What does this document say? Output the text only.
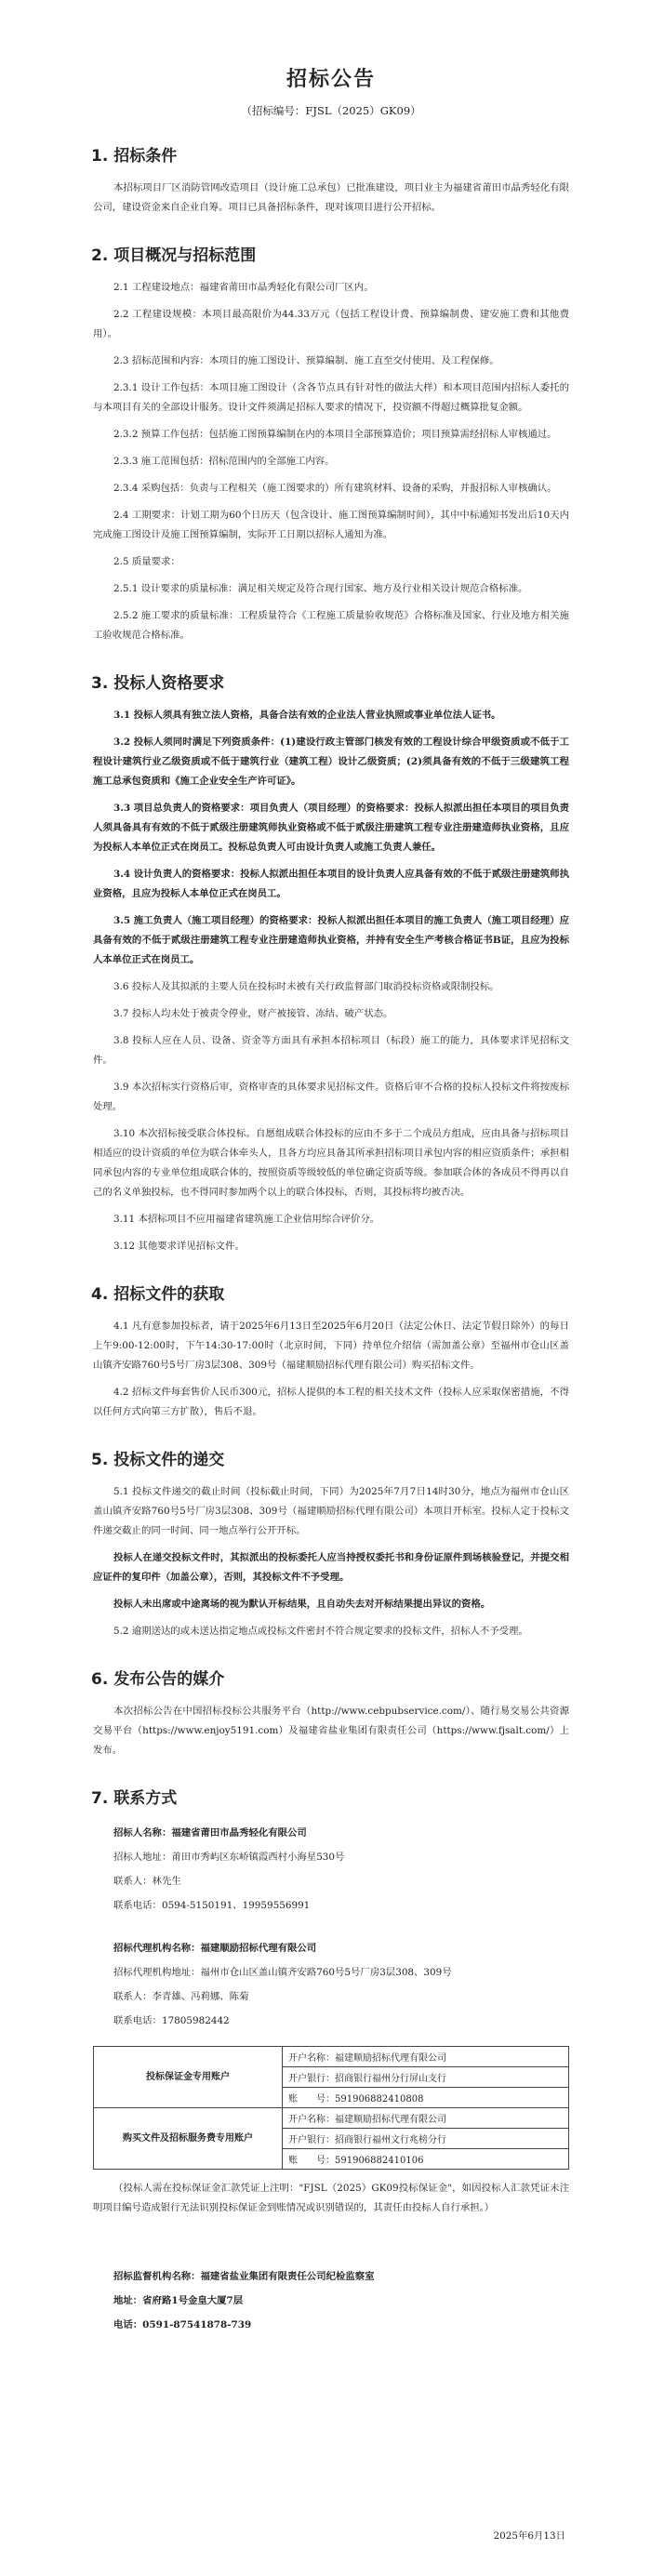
招标公告
（招标编号：FJSL（2025）GK09）
1. 招标条件

本招标项目厂区消防管网改造项目（设计施工总承包）已批准建设，项目业主为福建省莆田市晶秀轻化有限公司，建设资金来自企业自筹。项目已具备招标条件，现对该项目进行公开招标。

2. 项目概况与招标范围

2.1 工程建设地点：福建省莆田市晶秀轻化有限公司厂区内。

2.2 工程建设规模：本项目最高限价为44.33万元（包括工程设计费、预算编制费、建安施工费和其他费用）。

2.3 招标范围和内容：本项目的施工图设计、预算编制、施工直至交付使用、及工程保修。

2.3.1 设计工作包括：本项目施工图设计（含各节点具有针对性的做法大样）和本项目范围内招标人委托的与本项目有关的全部设计服务。设计文件须满足招标人要求的情况下，投资额不得超过概算批复金额。

2.3.2 预算工作包括：包括施工图预算编制在内的本项目全部预算造价；项目预算需经招标人审核通过。

2.3.3 施工范围包括：招标范围内的全部施工内容。

2.3.4 采购包括：负责与工程相关（施工图要求的）所有建筑材料、设备的采购，并报招标人审核确认。

2.4 工期要求：计划工期为60个日历天（包含设计、施工图预算编制时间），其中中标通知书发出后10天内完成施工图设计及施工图预算编制，实际开工日期以招标人通知为准。

2.5 质量要求：

2.5.1 设计要求的质量标准：满足相关规定及符合现行国家、地方及行业相关设计规范合格标准。

2.5.2 施工要求的质量标准：工程质量符合《工程施工质量验收规范》合格标准及国家、行业及地方相关施工验收规范合格标准。

3. 投标人资格要求

3.1 投标人须具有独立法人资格，具备合法有效的企业法人营业执照或事业单位法人证书。

3.2 投标人须同时满足下列资质条件：(1)建设行政主管部门核发有效的工程设计综合甲级资质或不低于工程设计建筑行业乙级资质或不低于建筑行业（建筑工程）设计乙级资质；(2)须具备有效的不低于三级建筑工程施工总承包资质和《施工企业安全生产许可证》。

3.3 项目总负责人的资格要求：项目负责人（项目经理）的资格要求：投标人拟派出担任本项目的项目负责人须具备具有有效的不低于贰级注册建筑师执业资格或不低于贰级注册建筑工程专业注册建造师执业资格，且应为投标人本单位正式在岗员工。投标总负责人可由设计负责人或施工负责人兼任。

3.4 设计负责人的资格要求：投标人拟派出担任本项目的设计负责人应具备有效的不低于贰级注册建筑师执业资格，且应为投标人本单位正式在岗员工。

3.5 施工负责人（施工项目经理）的资格要求：投标人拟派出担任本项目的施工负责人（施工项目经理）应具备有效的不低于贰级注册建筑工程专业注册建造师执业资格，并持有安全生产考核合格证书B证，且应为投标人本单位正式在岗员工。

3.6 投标人及其拟派的主要人员在投标时未被有关行政监督部门取消投标资格或限制投标。

3.7 投标人均未处于被责令停业，财产被接管、冻结、破产状态。

3.8 投标人应在人员、设备、资金等方面具有承担本招标项目（标段）施工的能力，具体要求详见招标文件。

3.9 本次招标实行资格后审，资格审查的具体要求见招标文件。资格后审不合格的投标人投标文件将按废标处理。

3.10 本次招标接受联合体投标。自愿组成联合体投标的应由不多于二个成员方组成，应由具备与招标项目相适应的设计资质的单位为联合体牵头人，且各方均应具备其所承担招标项目承包内容的相应资质条件；承担相同承包内容的专业单位组成联合体的，按照资质等级较低的单位确定资质等级。参加联合体的各成员不得再以自己的名义单独投标，也不得同时参加两个以上的联合体投标，否则，其投标将均被否决。

3.11 本招标项目不应用福建省建筑施工企业信用综合评价分。

3.12 其他要求详见招标文件。

4. 招标文件的获取

4.1 凡有意参加投标者，请于2025年6月13日至2025年6月20日（法定公休日、法定节假日除外）的每日上午9:00-12:00时，下午14:30-17:00时（北京时间，下同）持单位介绍信（需加盖公章）至福州市仓山区盖山镇齐安路760号5号厂房3层308、309号（福建顺励招标代理有限公司）购买招标文件。

4.2 招标文件每套售价人民币300元，招标人提供的本工程的相关技术文件（投标人应采取保密措施，不得以任何方式向第三方扩散），售后不退。

5. 投标文件的递交

5.1 投标文件递交的截止时间（投标截止时间，下同）为2025年7月7日14时30分，地点为福州市仓山区盖山镇齐安路760号5号厂房3层308、309号（福建顺励招标代理有限公司）本项目开标室。投标人定于投标文件递交截止的同一时间、同一地点举行公开开标。

投标人在递交投标文件时，其拟派出的投标委托人应当持授权委托书和身份证原件到场核验登记，并提交相应证件的复印件（加盖公章），否则，其投标文件不予受理。

投标人未出席或中途离场的视为默认开标结果，且自动失去对开标结果提出异议的资格。

5.2 逾期送达的或未送达指定地点或投标文件密封不符合规定要求的投标文件，招标人不予受理。

6. 发布公告的媒介

本次招标公告在中国招标投标公共服务平台（http://www.cebpubservice.com/）、随行易交易公共资源交易平台（https://www.enjoy5191.com）及福建省盐业集团有限责任公司（https://www.fjsalt.com/）上发布。

7. 联系方式
招标人名称：福建省莆田市晶秀轻化有限公司
招标人地址：莆田市秀屿区东峤镇霞西村小海星530号
联系人：林先生
联系电话：0594-5150191、19959556991
招标代理机构名称：福建顺励招标代理有限公司
招标代理机构地址：福州市仓山区盖山镇齐安路760号5号厂房3层308、309号
联系人：李青雄、冯莉娜、陈菊
联系电话：17805982442
投标保证金专用账户	开户名称：福建顺励招标代理有限公司
	开户银行：招商银行福州分行屏山支行
	账　　号：591906882410808
购买文件及招标服务费专用账户	开户名称：福建顺励招标代理有限公司
	开户银行：招商银行福州文行兆榜分行
	账　　号：591906882410106
（投标人需在投标保证金汇款凭证上注明："FJSL（2025）GK09投标保证金"，如因投标人汇款凭证未注明项目编号造成银行无法识别投标保证金到账情况或识别错误的，其责任由投标人自行承担。）
招标监督机构名称：福建省盐业集团有限责任公司纪检监察室
地址：省府路1号金皇大厦7层
电话：0591-87541878-739
2025年6月13日
